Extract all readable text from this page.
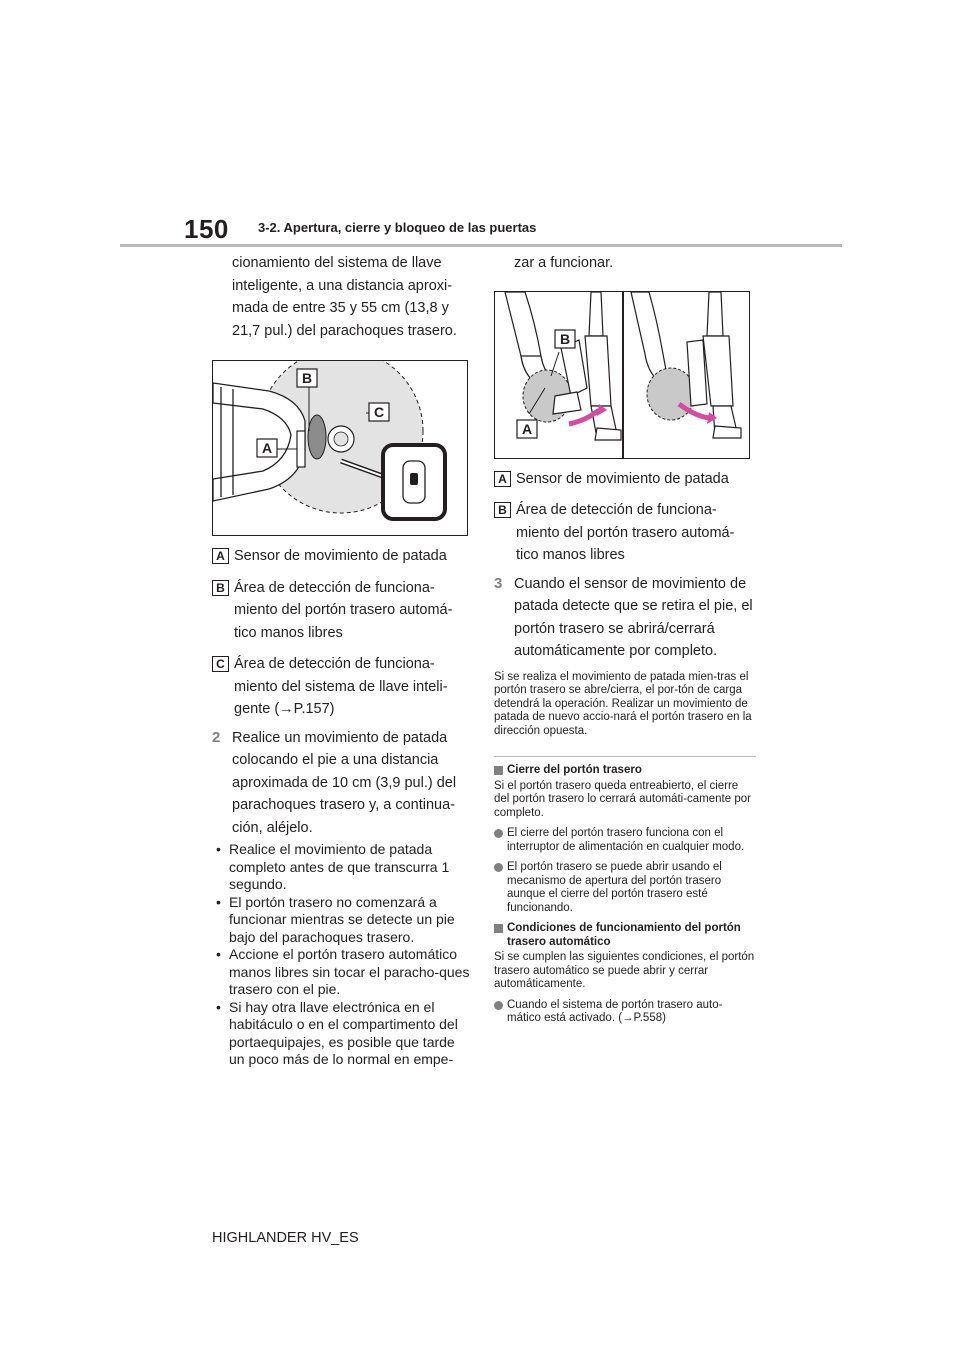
150 3-2. Apertura, cierre y bloqueo de las puertas

cionamiento del sistema de llave inteligente, a una distancia aproxi-mada de entre 35 y 55 cm (13,8 y 21,7 pul.) del parachoques trasero.

B
C
A
A Sensor de movimiento de patada
B Área de detección de funciona-miento del portón trasero automá-tico manos libres
C Área de detección de funciona-miento del sistema de llave inteli-gente (→P.157)
2 Realice un movimiento de patada colocando el pie a una distancia aproximada de 10 cm (3,9 pul.) del parachoques trasero y, a continua-ción, aléjelo.
• Realice el movimiento de patada completo antes de que transcurra 1 segundo.
• El portón trasero no comenzará a funcionar mientras se detecte un pie bajo del parachoques trasero.
• Accione el portón trasero automático manos libres sin tocar el paracho-ques trasero con el pie.
• Si hay otra llave electrónica en el habitáculo o en el compartimento del portaequipajes, es posible que tarde un poco más de lo normal en empe-

zar a funcionar.

B
A
A Sensor de movimiento de patada
B Área de detección de funciona-miento del portón trasero automá-tico manos libres
3 Cuando el sensor de movimiento de patada detecte que se retira el pie, el portón trasero se abrirá/cerrará automáticamente por completo.

Si se realiza el movimiento de patada mien-tras el portón trasero se abre/cierra, el por-tón de carga detendrá la operación. Realizar un movimiento de patada de nuevo accio-nará el portón trasero en la dirección opuesta.

Cierre del portón trasero

Si el portón trasero queda entreabierto, el cierre del portón trasero lo cerrará automáti-camente por completo.

El cierre del portón trasero funciona con el interruptor de alimentación en cualquier modo.
El portón trasero se puede abrir usando el mecanismo de apertura del portón trasero aunque el cierre del portón trasero esté funcionando.
Condiciones de funcionamiento del portón trasero automático

Si se cumplen las siguientes condiciones, el portón trasero automático se puede abrir y cerrar automáticamente.

Cuando el sistema de portón trasero auto-mático está activado. (→P.558)
HIGHLANDER HV_ES
